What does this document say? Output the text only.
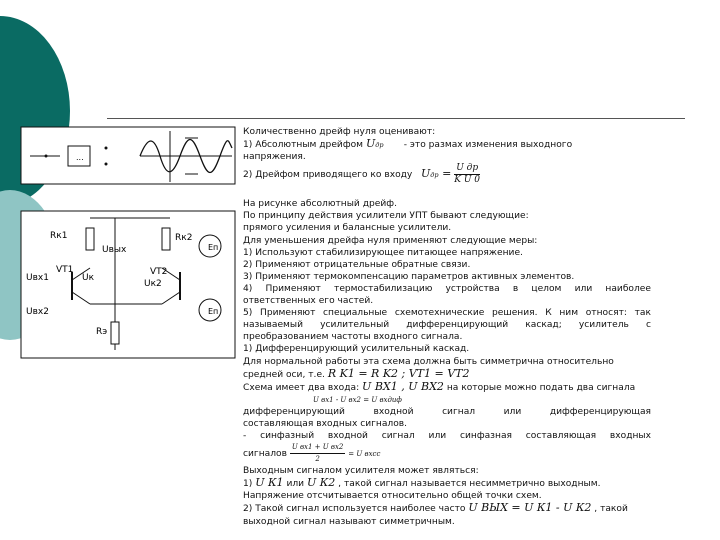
...
Rк1	Rк2
Uвых	Eп
Eп
Uвх1
Uвх2
VT1	VT2
Uк
Uк2
Rэ

Количественно дрейф нуля оценивают:

1) Абсолютным дрейфом Uдр - это размах изменения выходного

напряжения.

2) Дрейфом приводящего ко входу Uдр = $\frac{\text{U др}}{\text{K U 0}}$

На рисунке абсолютный дрейф.

По принципу действия усилители УПТ бывают следующие:

прямого усиления и балансные усилители.

Для уменьшения дрейфа нуля применяют следующие меры:

1) Используют стабилизирующее питающее напряжение.

2) Применяют отрицательные обратные связи.

3) Применяют термокомпенсацию параметров активных элементов.

4) Применяют термостабилизацию устройства в целом или наиболее

ответственных его частей.

5) Применяют специальные схемотехнические решения. К ним относят: так

называемый усилительный дифференцирующий каскад; усилитель с

преобразованием частоты входного сигнала.

1) Дифференцирующий усилительный каскад.

Для нормальной работы эта схема должна быть симметрична относительно

средней оси, т.е. R K1 = R K2 ; VT1 = VT2

Схема имеет два входа: U ВХ1 , U ВХ2 на которые можно подать два сигнала

U вх1 - U вх2 = U вхдиф

дифференцирующий входной сигнал или дифференцирующая

составляющая входных сигналов.

- синфазный входной сигнал или синфазная составляющая входных

сигналов $\frac{\text{U вх1 + U вх2}}{2} = U$ вхсс

Выходным сигналом усилителя может являться:

1) U К1 или U К2 , такой сигнал называется несимметрично выходным.

Напряжение отсчитывается относительно общей точки схем.

2) Такой сигнал используется наиболее часто U ВЫХ = U К1 - U К2 , такой

выходной сигнал называют симметричным.
